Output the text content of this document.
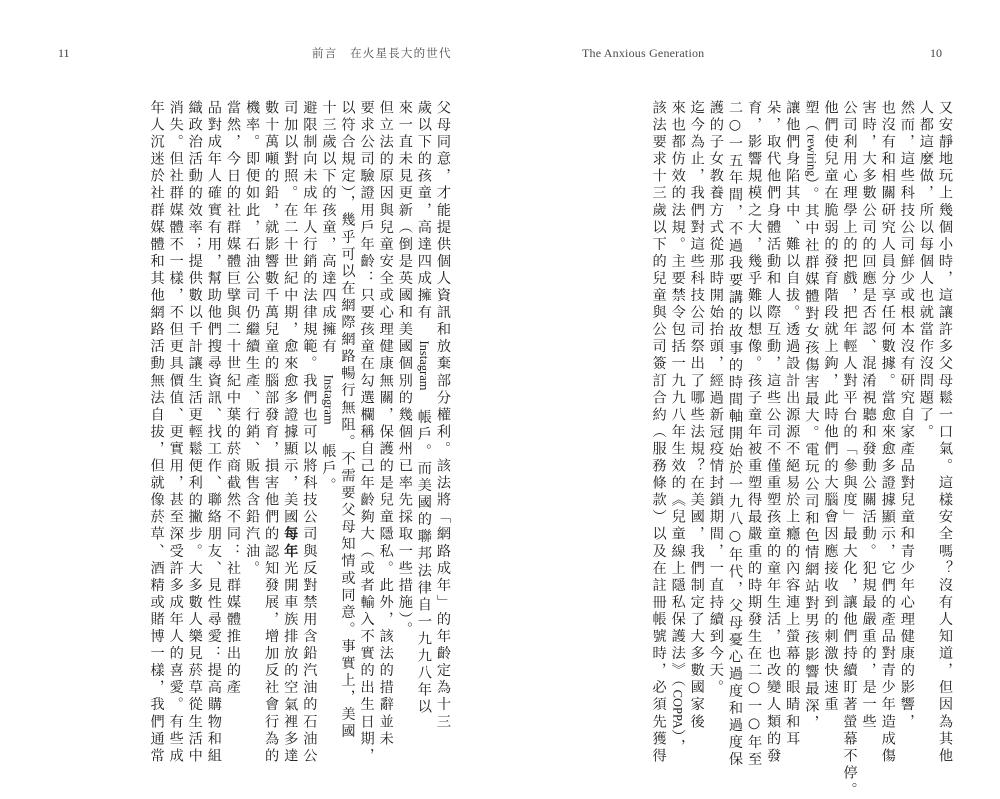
11	前言　在火星長大的世代
父母同意，才能提供個人資訊和放棄部分權利。該法將「網路成年」的年齡定為十三
歲以下的孩童，高達四成擁有 Instagram 帳戶。而美國的聯邦法律自一九九八年以
來一直未見更新（倒是英國和美國個別的幾個州已率先採取一些措施）。
但立法的原因與兒童安全或心理健康無關，保護的是兒童隱私。此外，該法的措辭並未
要求公司驗證用戶年齡：只要孩童在勾選欄稱自己年齡夠大（或者輸入不實的出生日期，
以符合規定），幾乎可以在網際網路暢行無阻。不需要父母知情或同意。事實上，美國
十三歲以下的孩童，高達四成擁有 Instagram 帳戶。
避限制向未成年人行銷的法律規範。我們也可以將科技公司與反對禁用含鉛汽油的石油公
司加以對照。在二十世紀中期，愈來愈多證據顯示，美國每年光開車族排放的空氣裡多達
數十萬噸的鉛，就影響數千萬兒童的腦部發育，損害他們的認知發展，增加反社會行為的
機率。即便如此，石油公司仍繼續生產、行銷、販售含鉛汽油。
當然，今日的社群媒體巨擘與二十世紀中葉的菸商截然不同：社群媒體推出的產
品對成年人確實有用，幫助他們搜尋資訊、找工作、聯絡朋友、見性尋愛：提高購物和組
織政治活動的效率；提供數以千計讓生活更輕鬆便利的撇步。大多數人樂見菸草從生活中
消失。但社群媒體不一樣，不但更具價值、更實用，甚至深受許多成年人的喜愛。有些成
年人沉迷於社群媒體和其他網路活動無法自拔，但就像菸草、酒精或賭博一樣，我們通常
The Anxious Generation	10
又安靜地玩上幾個小時，這讓許多父母鬆一口氣。這樣安全嗎？沒有人知道，但因為其他
人都這麼做，所以每個人也就當作沒問題了。
然而，這些科技公司鮮少或根本沒有研究自家產品對兒童和青少年心理健康的影響，
也沒有和相關研究人員分享任何數據。當愈來愈多證據顯示，它們的產品對青少年造成傷
害時，大多數公司的回應是否認、混淆視聽和發動公關活動。犯規最嚴重的，是一些
公司利用心理學上的把戲，把年輕人對平台的「參與度」最大化，讓他們持續盯著螢幕不停。
他們使兒童在脆弱的發育階段就上鉤，此時他們的大腦會因應接收到的刺激快速重
塑（rewiring）。其中社群媒體對女孩傷害最大。電玩公司和色情網站對男孩影響最深，
讓他們身陷其中、難以自拔。透過設計出源源不絕易於上癮的內容連上螢幕的眼睛和耳
朵，取代他們身體活動和人際互動，這些公司不僅重塑孩童的童年生活，也改變人類的發
育，影響規模之大，幾乎難以想像。孩子童年被重塑得最嚴重的時期發生在二○一○年至
二○一五年間，不過我要講的故事的時間軸開始於一九八○年代，父母憂心過度和過度保
護的子女教養方式從那時開始抬頭，經過新冠疫情封鎖期間，一直持續到今天。
迄今為止，我們對這些科技公司祭出了哪些法規？在美國，我們制定了大多數國家後
來也都仿效的法規。主要禁令包括一九九八年生效的《兒童線上隱私保護法》（COPPA），
該法要求十三歲以下的兒童與公司簽訂合約（服務條款）以及在註冊帳號時，必須先獲得
